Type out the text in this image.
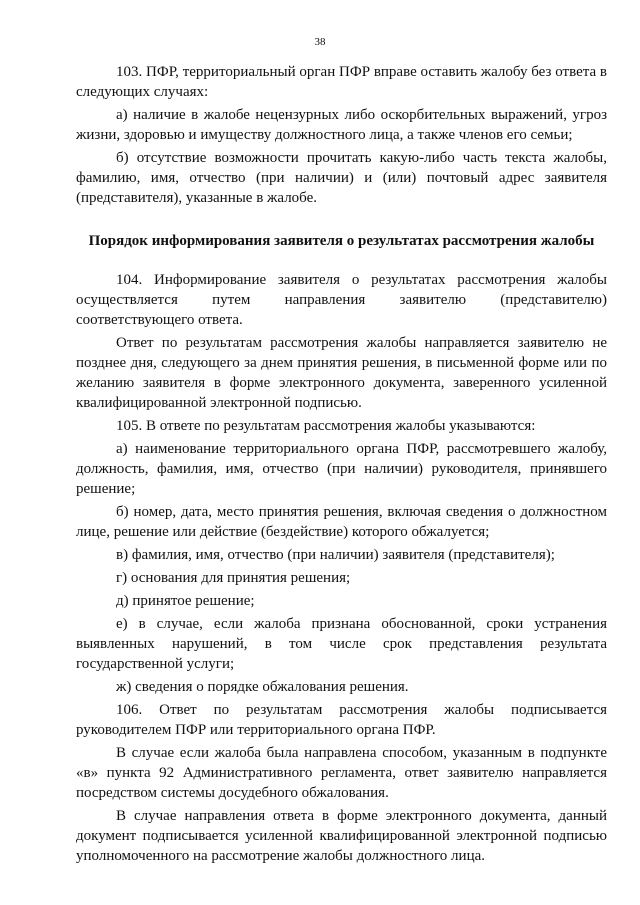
38

103. ПФР, территориальный орган ПФР вправе оставить жалобу без ответа в следующих случаях:

а) наличие в жалобе нецензурных либо оскорбительных выражений, угроз жизни, здоровью и имуществу должностного лица, а также членов его семьи;

б) отсутствие возможности прочитать какую-либо часть текста жалобы, фамилию, имя, отчество (при наличии) и (или) почтовый адрес заявителя (представителя), указанные в жалобе.

Порядок информирования заявителя о результатах рассмотрения жалобы

104. Информирование заявителя о результатах рассмотрения жалобы осуществляется путем направления заявителю (представителю) соответствующего ответа.

Ответ по результатам рассмотрения жалобы направляется заявителю не позднее дня, следующего за днем принятия решения, в письменной форме или по желанию заявителя в форме электронного документа, заверенного усиленной квалифицированной электронной подписью.

105. В ответе по результатам рассмотрения жалобы указываются:

а) наименование территориального органа ПФР, рассмотревшего жалобу, должность, фамилия, имя, отчество (при наличии) руководителя, принявшего решение;

б) номер, дата, место принятия решения, включая сведения о должностном лице, решение или действие (бездействие) которого обжалуется;

в) фамилия, имя, отчество (при наличии) заявителя (представителя);

г) основания для принятия решения;

д) принятое решение;

е) в случае, если жалоба признана обоснованной, сроки устранения выявленных нарушений, в том числе срок представления результата государственной услуги;

ж) сведения о порядке обжалования решения.

106. Ответ по результатам рассмотрения жалобы подписывается руководителем ПФР или территориального органа ПФР.

В случае если жалоба была направлена способом, указанным в подпункте «в» пункта 92 Административного регламента, ответ заявителю направляется посредством системы досудебного обжалования.

В случае направления ответа в форме электронного документа, данный документ подписывается усиленной квалифицированной электронной подписью уполномоченного на рассмотрение жалобы должностного лица.
